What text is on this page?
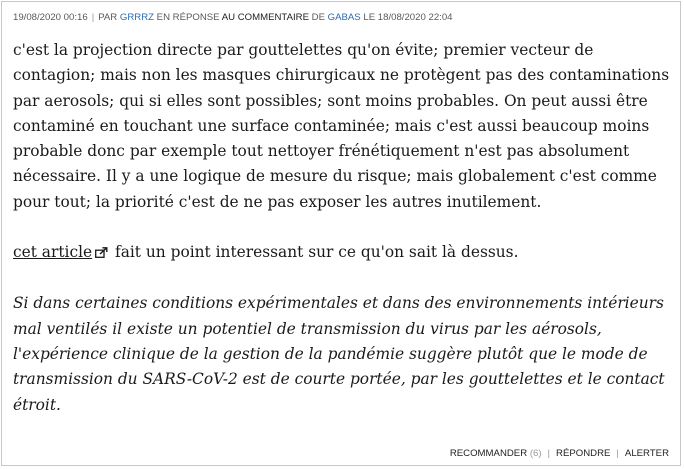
19/08/2020 00:16 | PAR GRRRZ EN RÉPONSE AU COMMENTAIRE DE GABAS LE 18/08/2020 22:04

c'est la projection directe par gouttelettes qu'on évite; premier vecteur de contagion; mais non les masques chirurgicaux ne protègent pas des contaminations par aerosols; qui si elles sont possibles; sont moins probables. On peut aussi être contaminé en touchant une surface contaminée; mais c'est aussi beaucoup moins probable donc par exemple tout nettoyer frénétiquement n'est pas absolument nécessaire. Il y a une logique de mesure du risque; mais globalement c'est comme pour tout; la priorité c'est de ne pas exposer les autres inutilement.

cet article fait un point interessant sur ce qu'on sait là dessus.

Si dans certaines conditions expérimentales et dans des environnements intérieurs mal ventilés il existe un potentiel de transmission du virus par les aérosols, l'expérience clinique de la gestion de la pandémie suggère plutôt que le mode de transmission du SARS-CoV-2 est de courte portée, par les gouttelettes et le contact étroit.

RECOMMANDER (6) | RÉPONDRE | ALERTER
